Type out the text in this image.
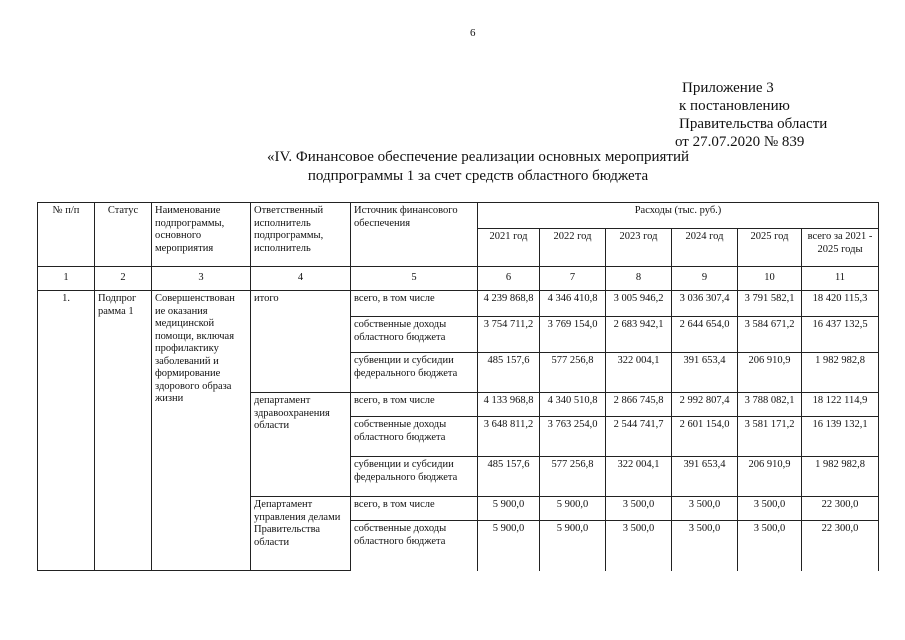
6
Приложение 3
к постановлению
Правительства области
от 27.07.2020 № 839
«IV. Финансовое обеспечение реализации основных мероприятий
подпрограммы 1 за счет средств областного бюджета
№ п/п	Статус	Наименование подпрограммы, основного мероприятия	Ответственный исполнитель подпрограммы, исполнитель	Источник финансового обеспечения	Расходы (тыс. руб.)					
					2021 год	2022 год	2023 год	2024 год	2025 год	всего за 2021 - 2025 годы
1	2	3	4	5	6	7	8	9	10	11
1.	Подпрог рамма 1	Совершенствован ие оказания медицинской помощи, включая профилактику заболеваний и формирование здорового образа жизни	итого	всего, в том числе	4 239 868,8	4 346 410,8	3 005 946,2	3 036 307,4	3 791 582,1	18 420 115,3
				собственные доходы областного бюджета	3 754 711,2	3 769 154,0	2 683 942,1	2 644 654,0	3 584 671,2	16 437 132,5
				субвенции и субсидии федерального бюджета	485 157,6	577 256,8	322 004,1	391 653,4	206 910,9	1 982 982,8
			департамент здравоохранения области	всего, в том числе	4 133 968,8	4 340 510,8	2 866 745,8	2 992 807,4	3 788 082,1	18 122 114,9
				собственные доходы областного бюджета	3 648 811,2	3 763 254,0	2 544 741,7	2 601 154,0	3 581 171,2	16 139 132,1
				субвенции и субсидии федерального бюджета	485 157,6	577 256,8	322 004,1	391 653,4	206 910,9	1 982 982,8
			Департамент управления делами Правительства области	всего, в том числе	5 900,0	5 900,0	3 500,0	3 500,0	3 500,0	22 300,0
				собственные доходы областного бюджета	5 900,0	5 900,0	3 500,0	3 500,0	3 500,0	22 300,0
